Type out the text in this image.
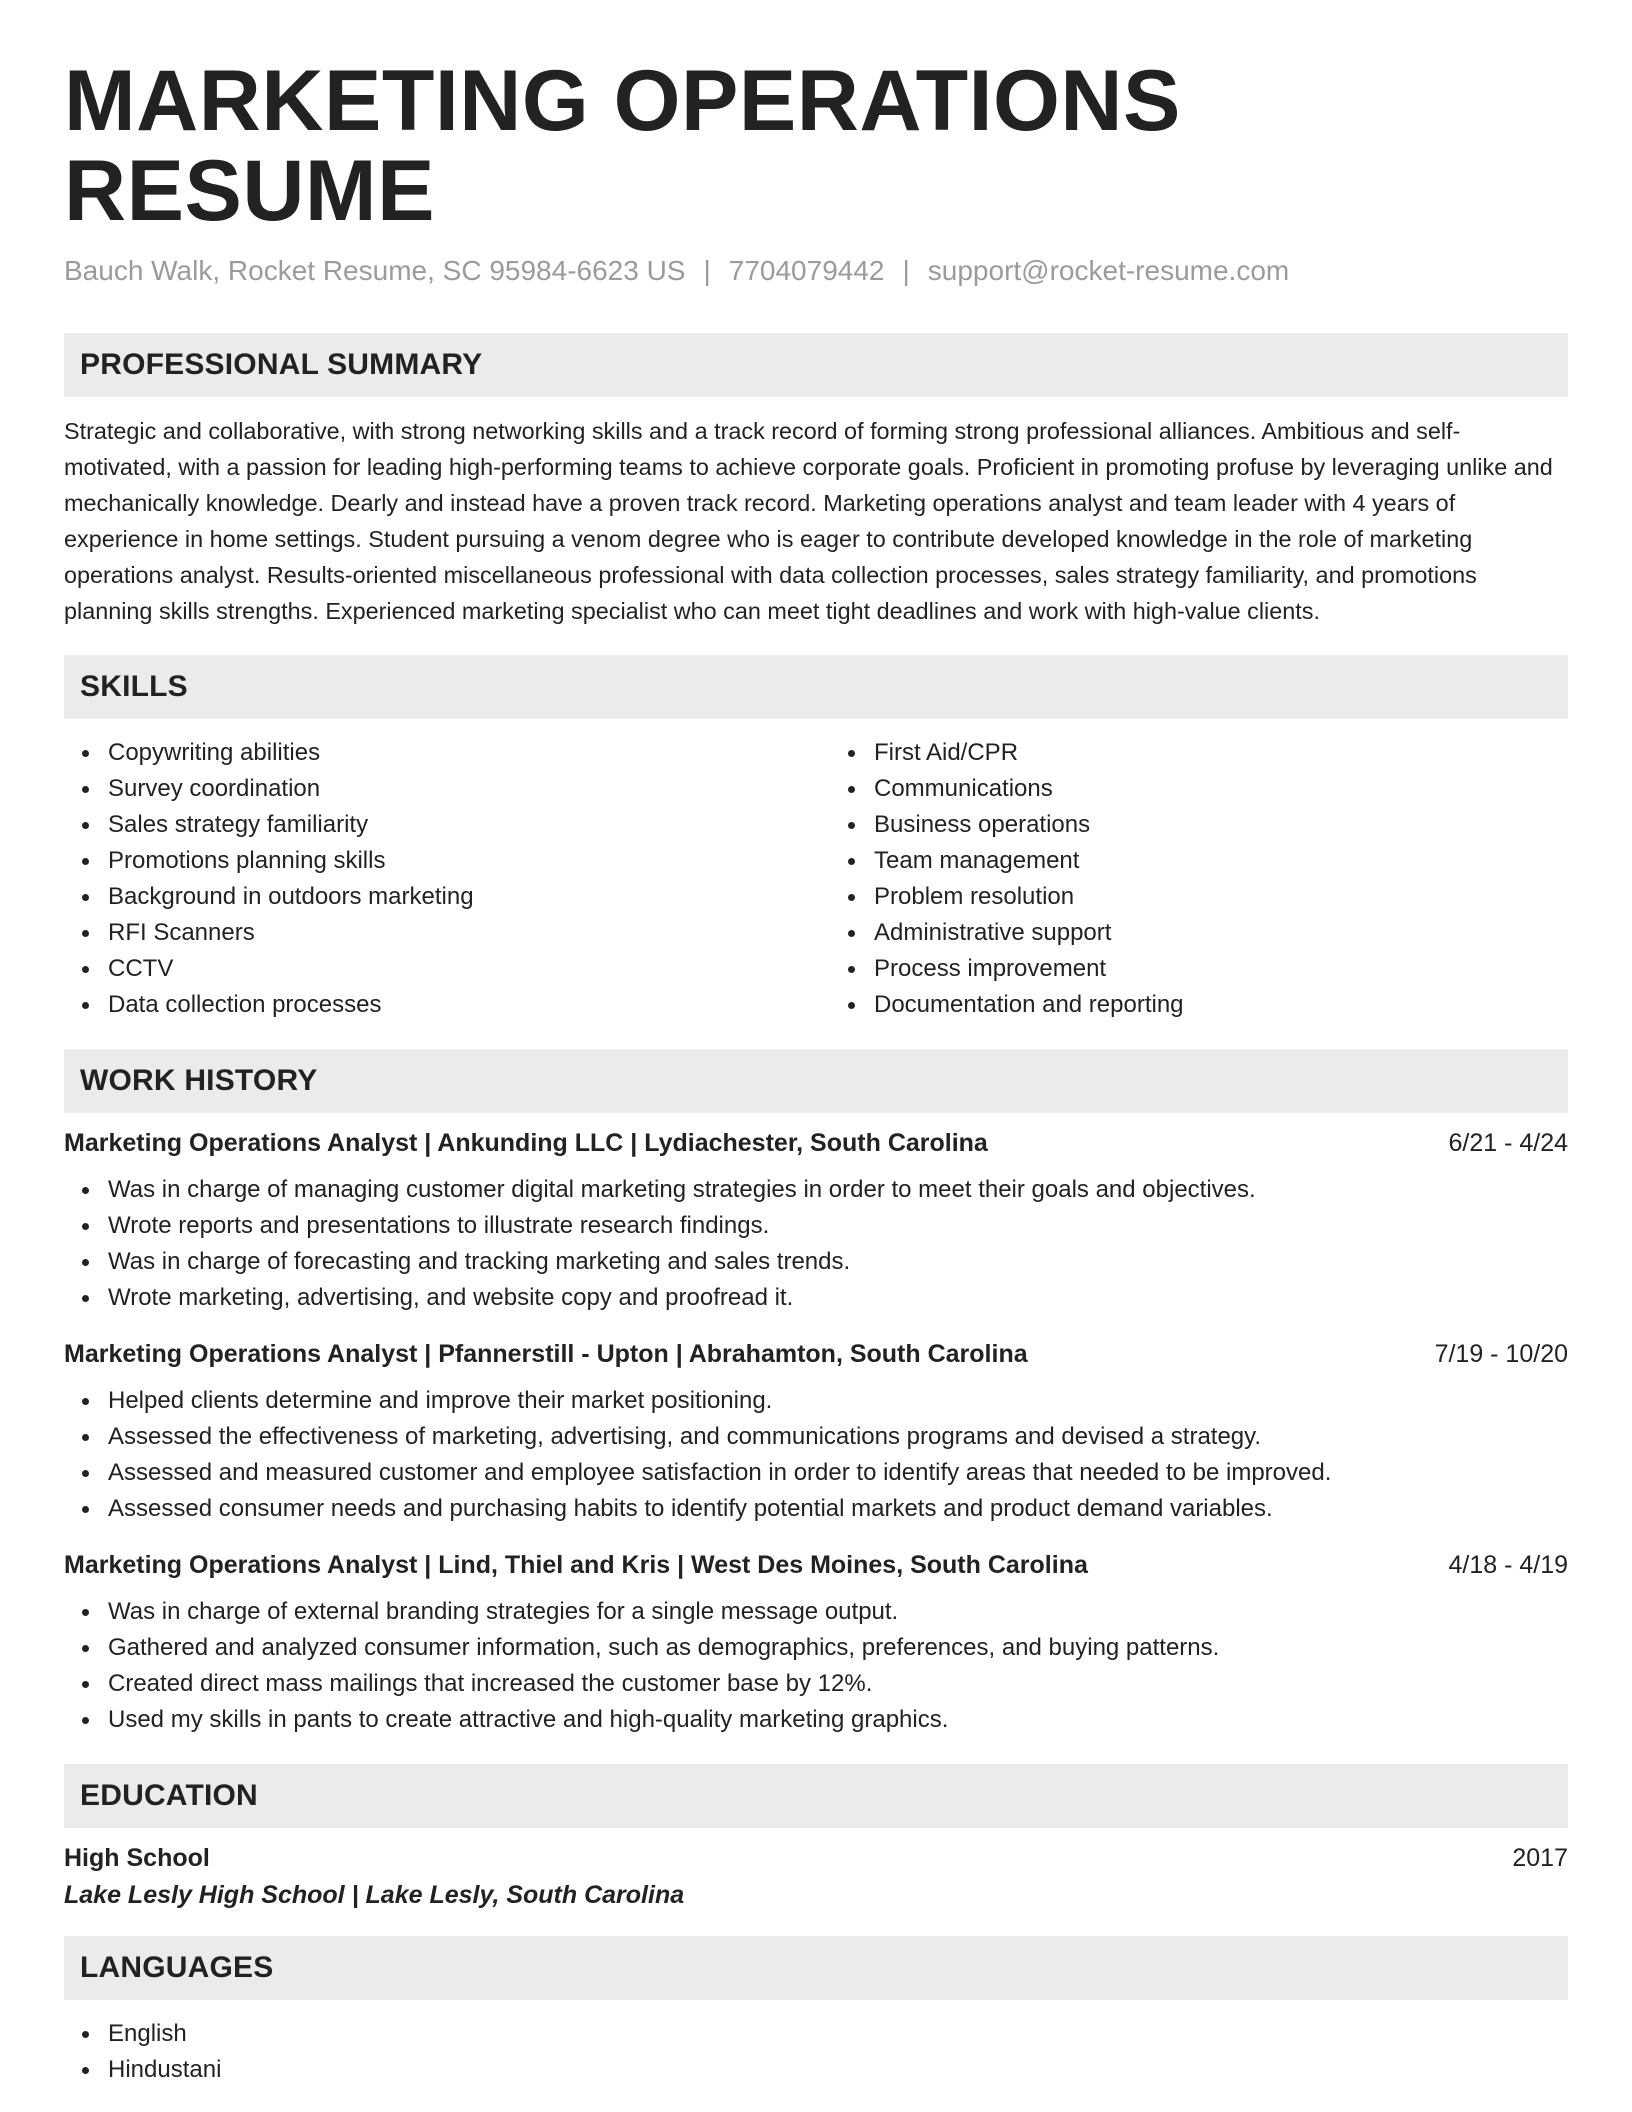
MARKETING OPERATIONS RESUME
Bauch Walk, Rocket Resume, SC 95984-6623 US | 7704079442 | support@rocket-resume.com
PROFESSIONAL SUMMARY
Strategic and collaborative, with strong networking skills and a track record of forming strong professional alliances. Ambitious and self-motivated, with a passion for leading high-performing teams to achieve corporate goals. Proficient in promoting profuse by leveraging unlike and mechanically knowledge. Dearly and instead have a proven track record. Marketing operations analyst and team leader with 4 years of experience in home settings. Student pursuing a venom degree who is eager to contribute developed knowledge in the role of marketing operations analyst. Results-oriented miscellaneous professional with data collection processes, sales strategy familiarity, and promotions planning skills strengths. Experienced marketing specialist who can meet tight deadlines and work with high-value clients.
SKILLS
Copywriting abilities
Survey coordination
Sales strategy familiarity
Promotions planning skills
Background in outdoors marketing
RFI Scanners
CCTV
Data collection processes
First Aid/CPR
Communications
Business operations
Team management
Problem resolution
Administrative support
Process improvement
Documentation and reporting
WORK HISTORY
Marketing Operations Analyst | Ankunding LLC | Lydiachester, South Carolina	6/21 - 4/24
Was in charge of managing customer digital marketing strategies in order to meet their goals and objectives.
Wrote reports and presentations to illustrate research findings.
Was in charge of forecasting and tracking marketing and sales trends.
Wrote marketing, advertising, and website copy and proofread it.
Marketing Operations Analyst | Pfannerstill - Upton | Abrahamton, South Carolina	7/19 - 10/20
Helped clients determine and improve their market positioning.
Assessed the effectiveness of marketing, advertising, and communications programs and devised a strategy.
Assessed and measured customer and employee satisfaction in order to identify areas that needed to be improved.
Assessed consumer needs and purchasing habits to identify potential markets and product demand variables.
Marketing Operations Analyst | Lind, Thiel and Kris | West Des Moines, South Carolina	4/18 - 4/19
Was in charge of external branding strategies for a single message output.
Gathered and analyzed consumer information, such as demographics, preferences, and buying patterns.
Created direct mass mailings that increased the customer base by 12%.
Used my skills in pants to create attractive and high-quality marketing graphics.
EDUCATION
High School	2017
Lake Lesly High School | Lake Lesly, South Carolina
LANGUAGES
English
Hindustani
